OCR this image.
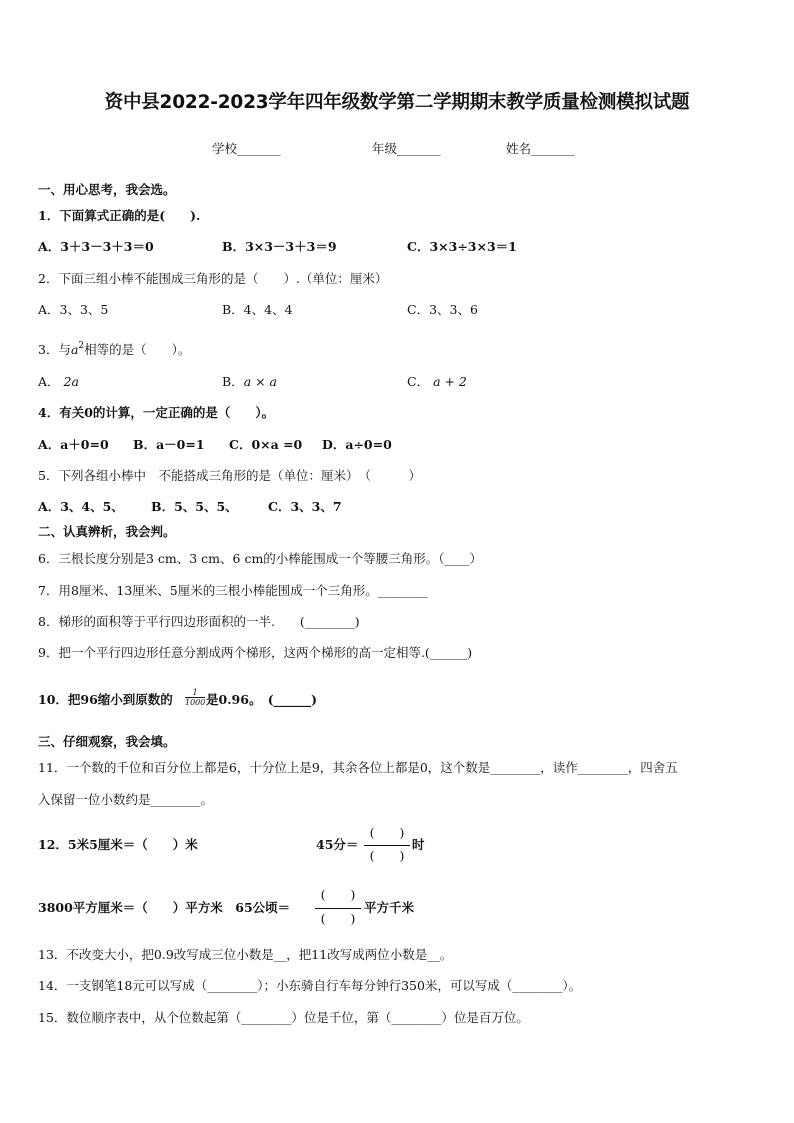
资中县2022-2023学年四年级数学第二学期期末教学质量检测模拟试题
学校_______	年级_______	姓名_______
一、用心思考，我会选。
1．下面算式正确的是(　　).
A．3＋3－3＋3＝0	B．3×3－3＋3＝9	C．3×3÷3×3＝1
2．下面三组小棒不能围成三角形的是（　　）.（单位：厘米）
A．3、3、5	B．4、4、4	C．3、3、6
3．与$a^2$相等的是（　　）。
A． 2a	B．a × a	C． a + 2
4．有关0的计算，一定正确的是（　　）。
A．a＋0=0 B．a－0=1 C．0×a =0 D．a÷0=0
5．下列各组小棒中　不能搭成三角形的是（单位：厘米）　（　　　）
A．3、4、5、 B．5、5、5、 C．3、3、7
二、认真辨析，我会判。
6．三根长度分别是3 cm、3 cm、6 cm的小棒能围成一个等腰三角形。（____）
7．用8厘米、13厘米、5厘米的三根小棒能围成一个三角形。________
8．梯形的面积等于平行四边形面积的一半.　　(________)
9．把一个平行四边形任意分割成两个梯形，这两个梯形的高一定相等.(______)
10．把96缩小到原数的	1
1000 是0.96。　(______)
三、仔细观察，我会填。
11．一个数的千位和百分位上都是6，十分位上是9，其余各位上都是0，这个数是________，读作________，四舍五
入保留一位小数约是________。
12．5米5厘米＝（　　）米	45分＝
(　　)
(　　)
时
3800平方厘米＝（　　）平方米　65公顷＝
(　　)
(　　)
平方千米
13．不改变大小，把0.9改写成三位小数是__，把11改写成两位小数是__。
14．一支钢笔18元可以写成（________）；小东骑自行车每分钟行350米，可以写成（________）。
15．数位顺序表中，从个位数起第（________）位是千位，第（________）位是百万位。
